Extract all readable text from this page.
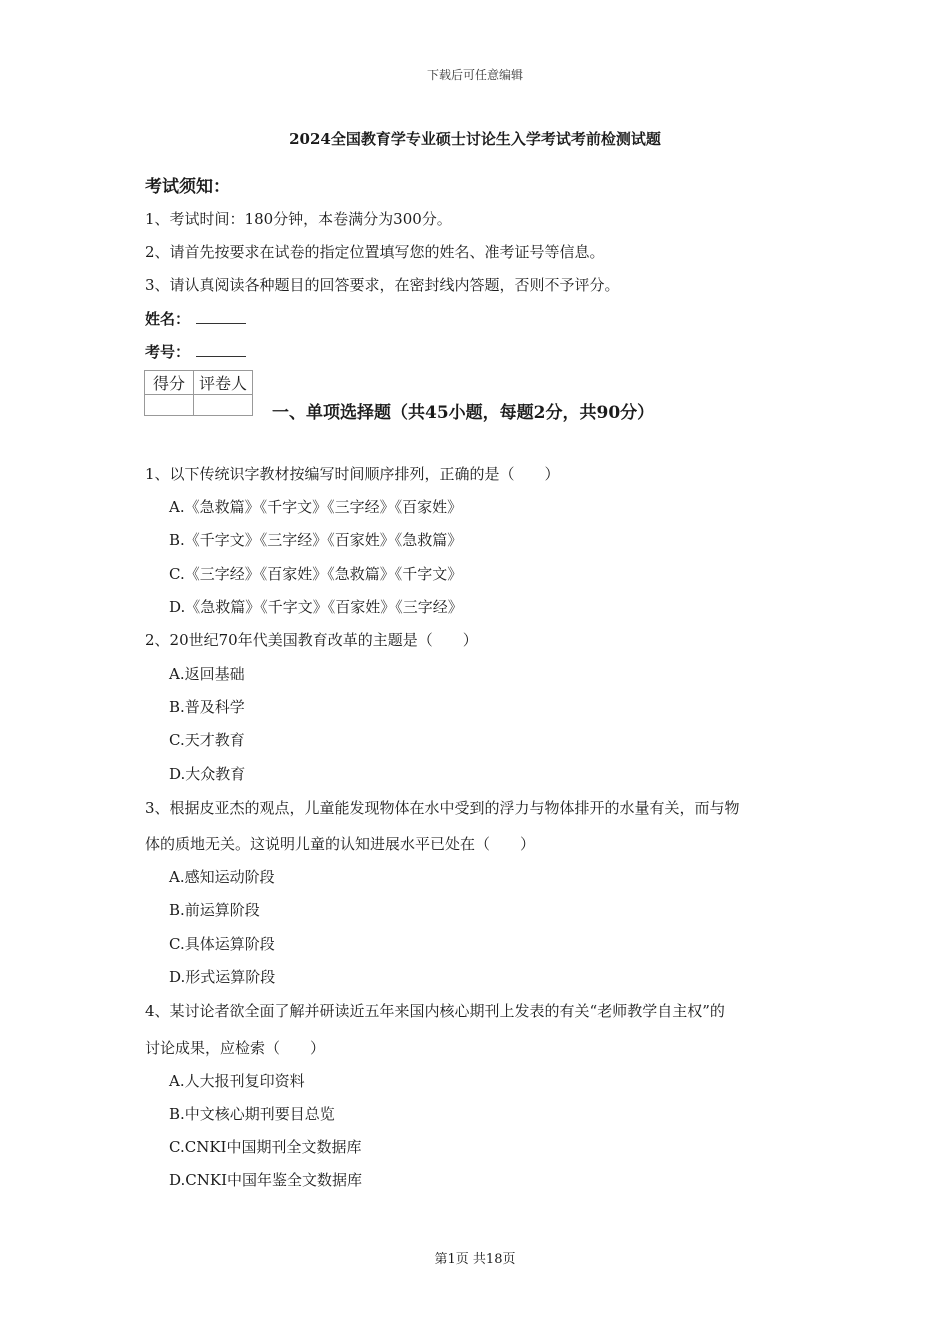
下载后可任意编辑
2024全国教育学专业硕士讨论生入学考试考前检测试题
考试须知：
1、考试时间：180分钟，本卷满分为300分。
2、请首先按要求在试卷的指定位置填写您的姓名、准考证号等信息。
3、请认真阅读各种题目的回答要求，在密封线内答题，否则不予评分。
姓名：
考号：
得分	评卷人

一、单项选择题（共45小题，每题2分，共90分）
1、以下传统识字教材按编写时间顺序排列，正确的是（　　）
A.《急救篇》《千字文》《三字经》《百家姓》
B.《千字文》《三字经》《百家姓》《急救篇》
C.《三字经》《百家姓》《急救篇》《千字文》
D.《急救篇》《千字文》《百家姓》《三字经》
2、20世纪70年代美国教育改革的主题是（　　）
A.返回基础
B.普及科学
C.天才教育
D.大众教育
3、根据皮亚杰的观点，儿童能发现物体在水中受到的浮力与物体排开的水量有关，而与物
体的质地无关。这说明儿童的认知进展水平已处在（　　）
A.感知运动阶段
B.前运算阶段
C.具体运算阶段
D.形式运算阶段
4、某讨论者欲全面了解并研读近五年来国内核心期刊上发表的有关“老师教学自主权”的
讨论成果，应检索（　　）
A.人大报刊复印资料
B.中文核心期刊要目总览
C.CNKI中国期刊全文数据库
D.CNKI中国年鉴全文数据库
第1页 共18页
